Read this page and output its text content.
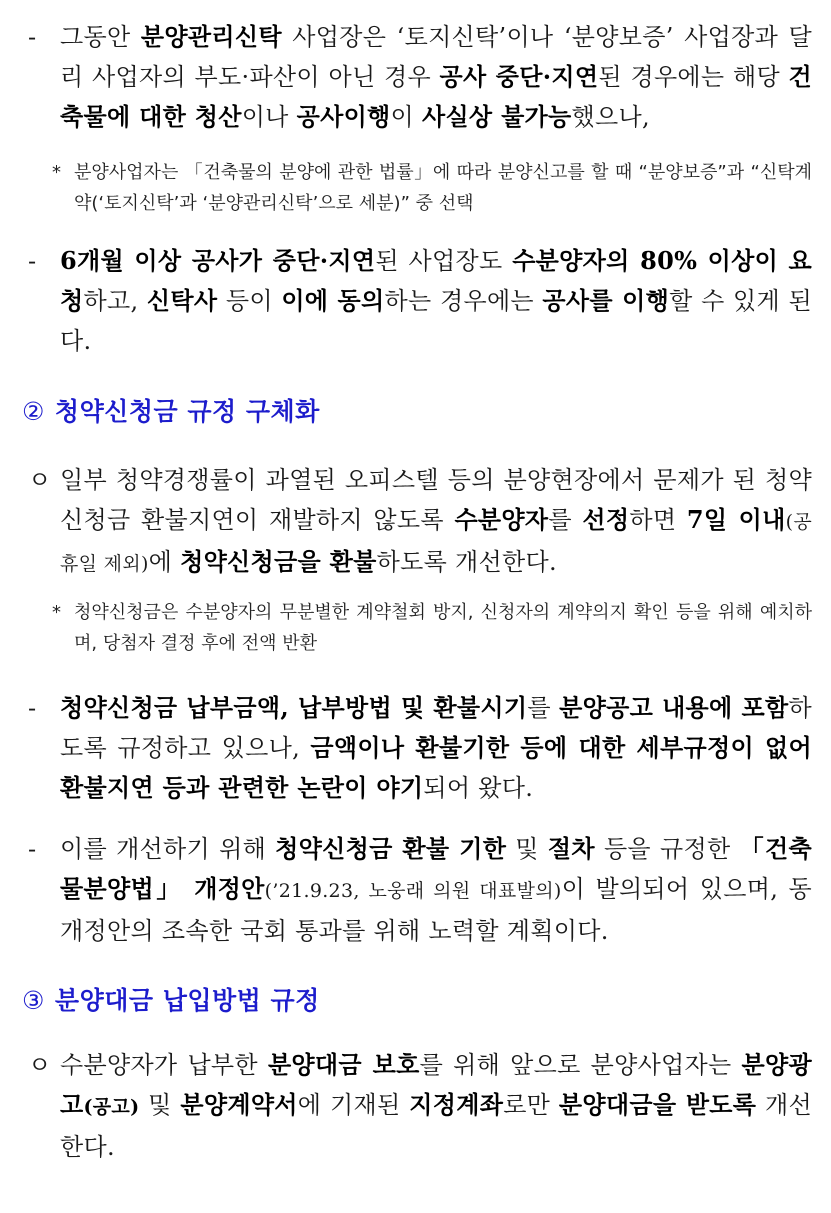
- 그동안 분양관리신탁 사업장은 ‘토지신탁’이나 ‘분양보증’ 사업장과 달리 사업자의 부도·파산이 아닌 경우 공사 중단·지연된 경우에는 해당 건축물에 대한 청산이나 공사이행이 사실상 불가능했으나,
* 분양사업자는 「건축물의 분양에 관한 법률」에 따라 분양신고를 할 때 “분양보증”과 “신탁계약(‘토지신탁’과 ‘분양관리신탁’으로 세분)” 중 선택
- 6개월 이상 공사가 중단·지연된 사업장도 수분양자의 80% 이상이 요청하고, 신탁사 등이 이에 동의하는 경우에는 공사를 이행할 수 있게 된다.
② 청약신청금 규정 구체화
ㅇ 일부 청약경쟁률이 과열된 오피스텔 등의 분양현장에서 문제가 된 청약신청금 환불지연이 재발하지 않도록 수분양자를 선정하면 7일 이내(공휴일 제외)에 청약신청금을 환불하도록 개선한다.
* 청약신청금은 수분양자의 무분별한 계약철회 방지, 신청자의 계약의지 확인 등을 위해 예치하며, 당첨자 결정 후에 전액 반환
- 청약신청금 납부금액, 납부방법 및 환불시기를 분양공고 내용에 포함하도록 규정하고 있으나, 금액이나 환불기한 등에 대한 세부규정이 없어 환불지연 등과 관련한 논란이 야기되어 왔다.
- 이를 개선하기 위해 청약신청금 환불 기한 및 절차 등을 규정한 「건축물분양법」 개정안(’21.9.23, 노웅래 의원 대표발의)이 발의되어 있으며, 동 개정안의 조속한 국회 통과를 위해 노력할 계획이다.
③ 분양대금 납입방법 규정
ㅇ 수분양자가 납부한 분양대금 보호를 위해 앞으로 분양사업자는 분양광고(공고) 및 분양계약서에 기재된 지정계좌로만 분양대금을 받도록 개선한다.
